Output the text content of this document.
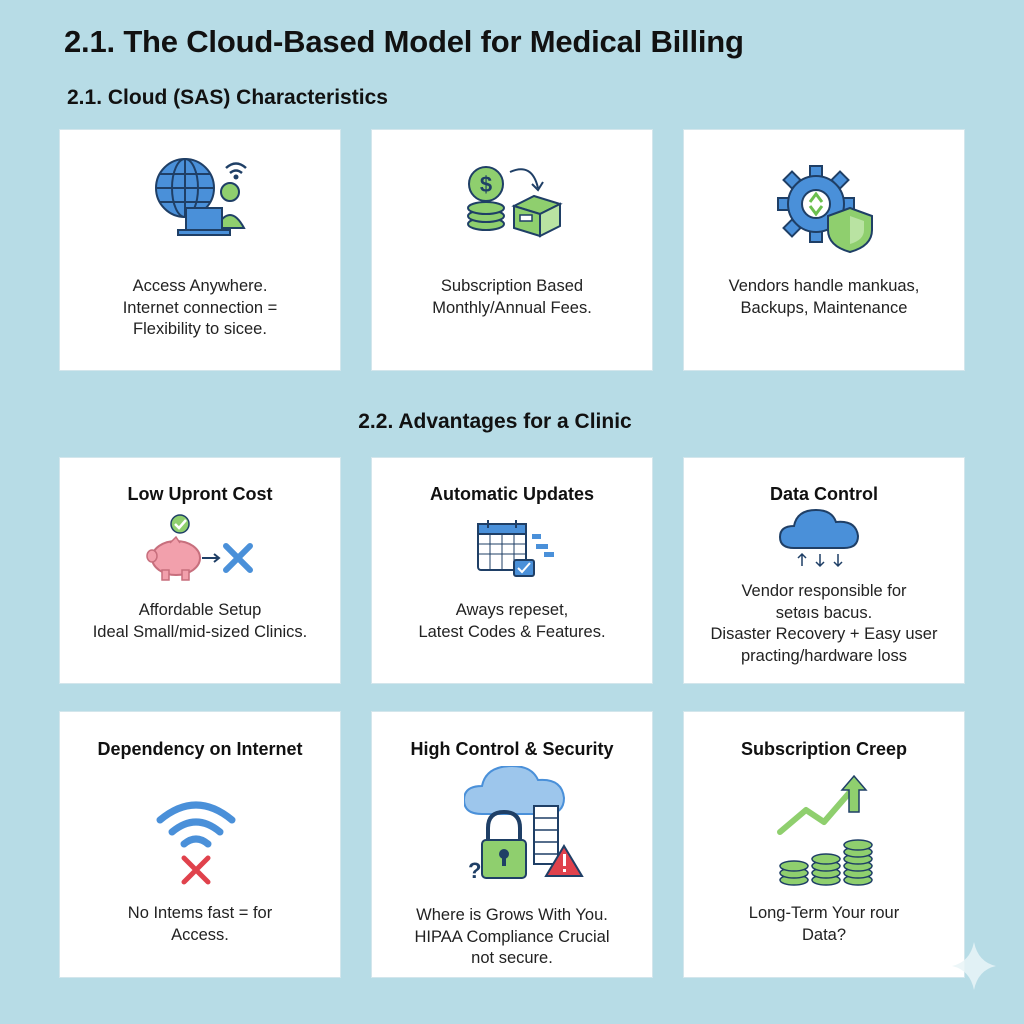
2.1. The Cloud-Based Model for Medical Billing
2.1. Cloud (SAS) Characteristics
Access Anywhere.
Internet connection =
Flexibility to sicee.
$
Subscription Based
Monthly/Annual Fees.
Vendors handle mankuas,
Backups, Maintenance
2.2. Advantages for a Clinic
Low Upront Cost
Affordable Setup
Ideal Small/mid-sized Clinics.
Automatic Updates
Aways repeset,
Latest Codes & Features.
Data Control
Vendor responsible for
setɞıs bacus.
Disaster Recovery + Easy user
practing/hardware loss
Dependency on Internet
No Intems fast = for
Access.
High Control & Security
?
Where is Grows With You.
HIPAA Compliance Crucial
not secure.
Subscription Creep
Long-Term Your rour
Data?
